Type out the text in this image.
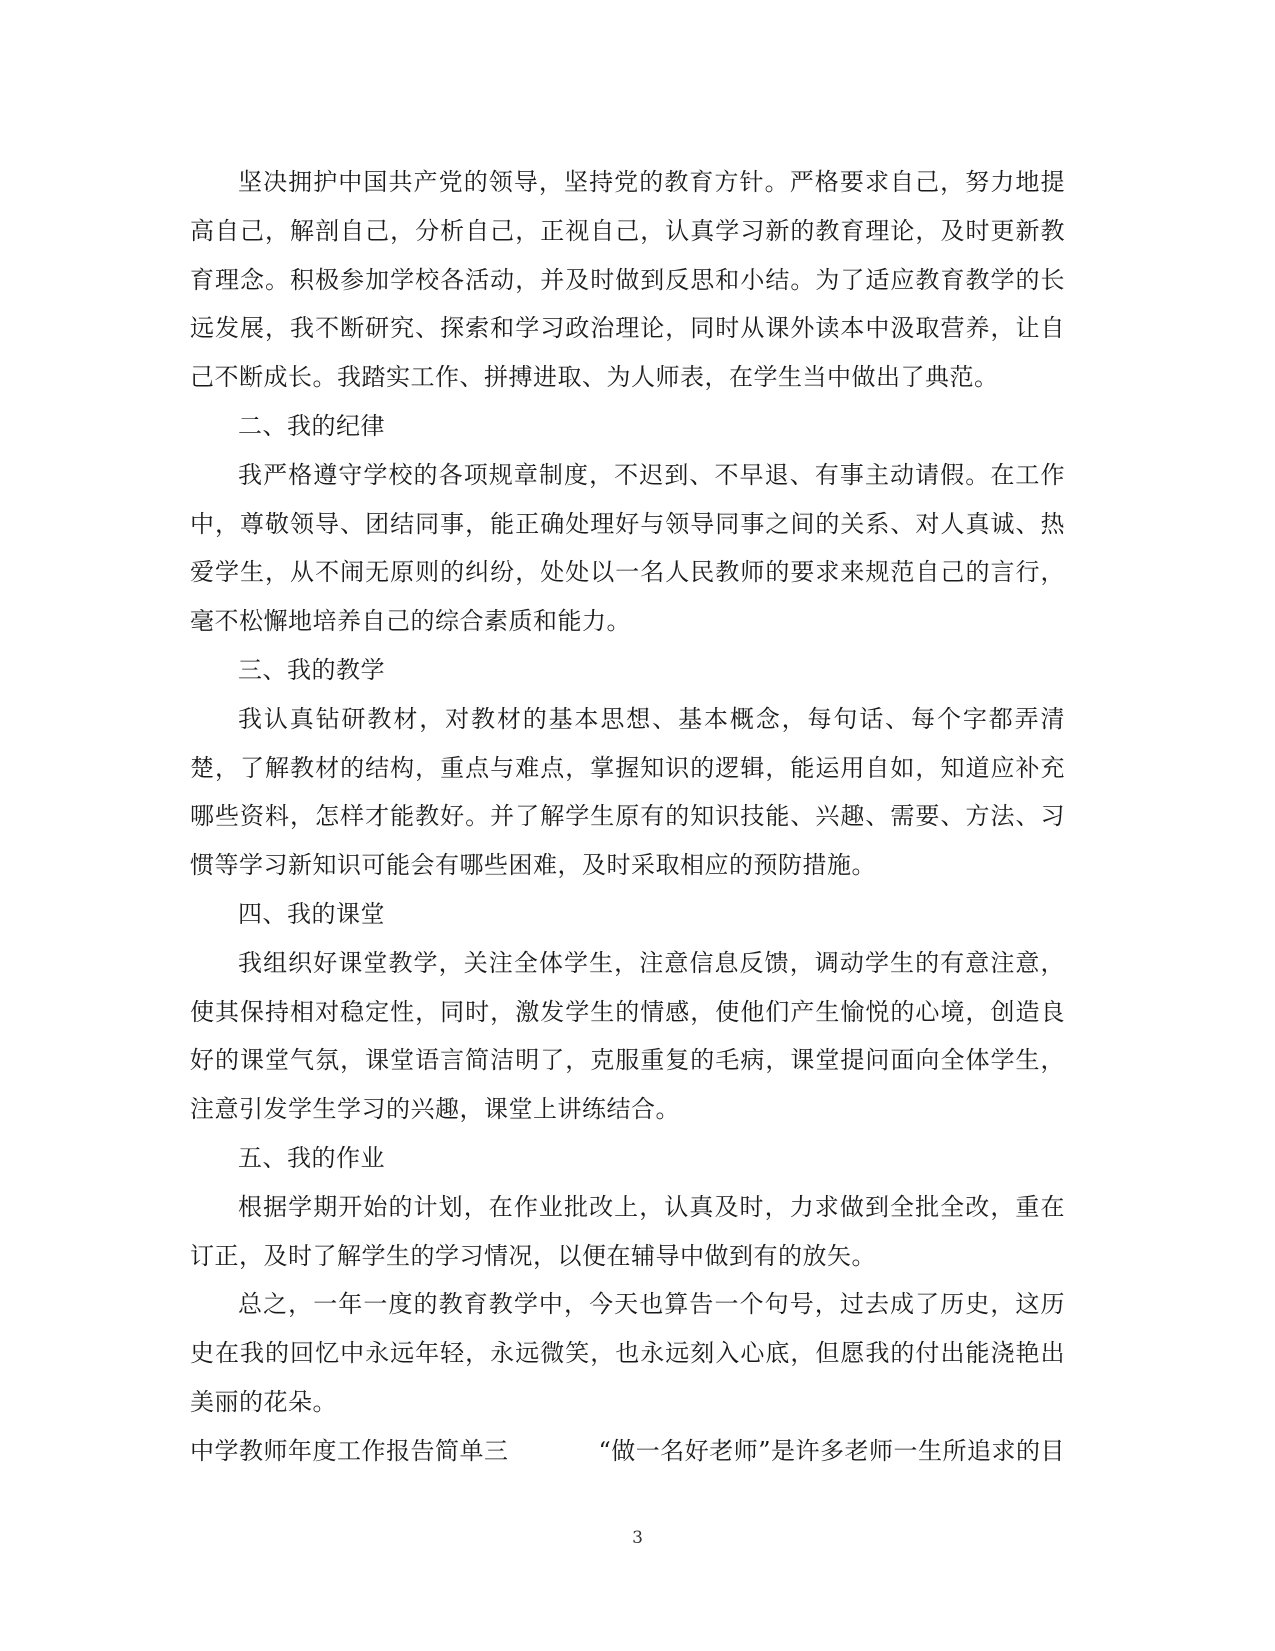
坚决拥护中国共产党的领导，坚持党的教育方针。严格要求自己，努力地提高自己，解剖自己，分析自己，正视自己，认真学习新的教育理论，及时更新教育理念。积极参加学校各活动，并及时做到反思和小结。为了适应教育教学的长远发展，我不断研究、探索和学习政治理论，同时从课外读本中汲取营养，让自己不断成长。我踏实工作、拼搏进取、为人师表，在学生当中做出了典范。

二、我的纪律

我严格遵守学校的各项规章制度，不迟到、不早退、有事主动请假。在工作中，尊敬领导、团结同事，能正确处理好与领导同事之间的关系、对人真诚、热爱学生，从不闹无原则的纠纷，处处以一名人民教师的要求来规范自己的言行，毫不松懈地培养自己的综合素质和能力。

三、我的教学

我认真钻研教材，对教材的基本思想、基本概念，每句话、每个字都弄清楚，了解教材的结构，重点与难点，掌握知识的逻辑，能运用自如，知道应补充哪些资料，怎样才能教好。并了解学生原有的知识技能、兴趣、需要、方法、习惯等学习新知识可能会有哪些困难，及时采取相应的预防措施。

四、我的课堂

我组织好课堂教学，关注全体学生，注意信息反馈，调动学生的有意注意，使其保持相对稳定性，同时，激发学生的情感，使他们产生愉悦的心境，创造良好的课堂气氛，课堂语言简洁明了，克服重复的毛病，课堂提问面向全体学生，注意引发学生学习的兴趣，课堂上讲练结合。

五、我的作业

根据学期开始的计划，在作业批改上，认真及时，力求做到全批全改，重在订正，及时了解学生的学习情况，以便在辅导中做到有的放矢。

总之，一年一度的教育教学中，今天也算告一个句号，过去成了历史，这历史在我的回忆中永远年轻，永远微笑，也永远刻入心底，但愿我的付出能浇艳出美丽的花朵。

中学教师年度工作报告简单三	“做一名好老师”是许多老师一生所追求的目

3
